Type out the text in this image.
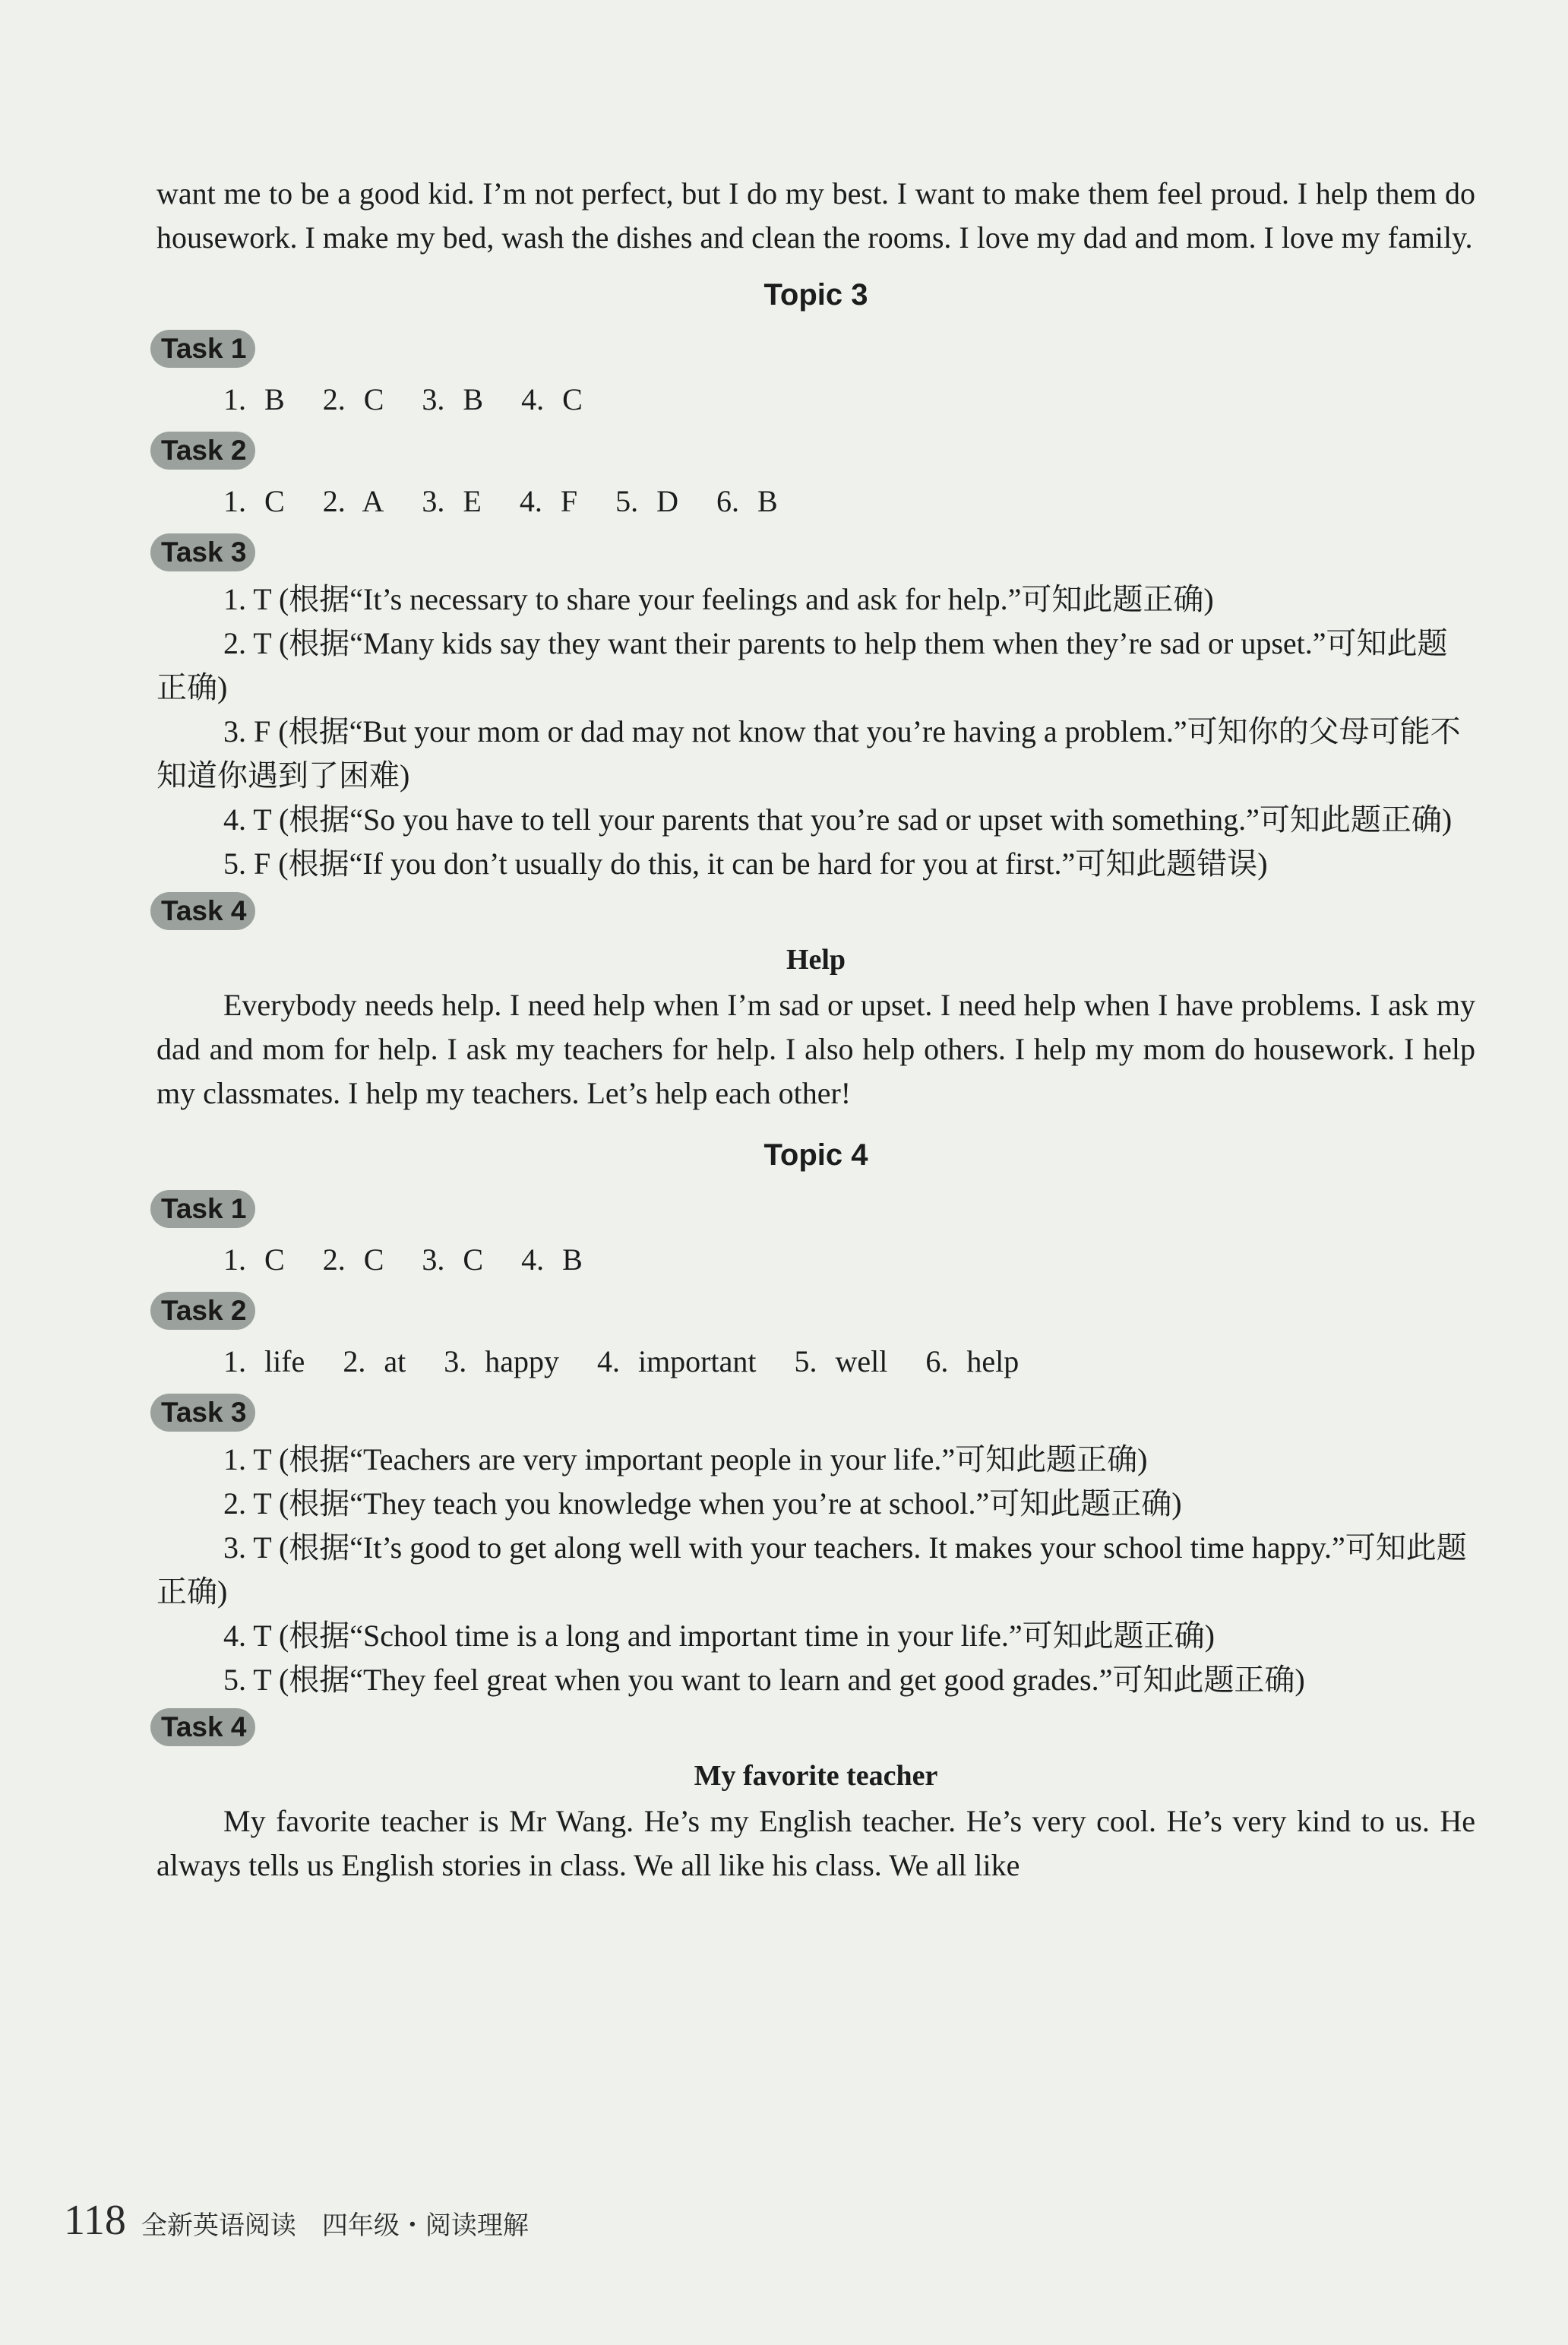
want me to be a good kid. I’m not perfect, but I do my best. I want to make them feel proud. I help them do housework. I make my bed, wash the dishes and clean the rooms. I love my dad and mom. I love my family.

Topic 3
Task 1
1. B 2. C 3. B 4. C
Task 2
1. C 2. A 3. E 4. F 5. D 6. B
Task 3

1. T (根据“It’s necessary to share your feelings and ask for help.”可知此题正确)

2. T (根据“Many kids say they want their parents to help them when they’re sad or upset.”可知此题正确)

3. F (根据“But your mom or dad may not know that you’re having a problem.”可知你的父母可能不知道你遇到了困难)

4. T (根据“So you have to tell your parents that you’re sad or upset with something.”可知此题正确)

5. F (根据“If you don’t usually do this, it can be hard for you at first.”可知此题错误)

Task 4
Help

Everybody needs help. I need help when I’m sad or upset. I need help when I have problems. I ask my dad and mom for help. I ask my teachers for help. I also help others. I help my mom do housework. I help my classmates. I help my teachers. Let’s help each other!

Topic 4
Task 1
1. C 2. C 3. C 4. B
Task 2
1. life 2. at 3. happy 4. important 5. well 6. help
Task 3

1. T (根据“Teachers are very important people in your life.”可知此题正确)

2. T (根据“They teach you knowledge when you’re at school.”可知此题正确)

3. T (根据“It’s good to get along well with your teachers. It makes your school time happy.”可知此题正确)

4. T (根据“School time is a long and important time in your life.”可知此题正确)

5. T (根据“They feel great when you want to learn and get good grades.”可知此题正确)

Task 4
My favorite teacher

My favorite teacher is Mr Wang. He’s my English teacher. He’s very cool. He’s very kind to us. He always tells us English stories in class. We all like his class. We all like

118 全新英语阅读　四年级・阅读理解
